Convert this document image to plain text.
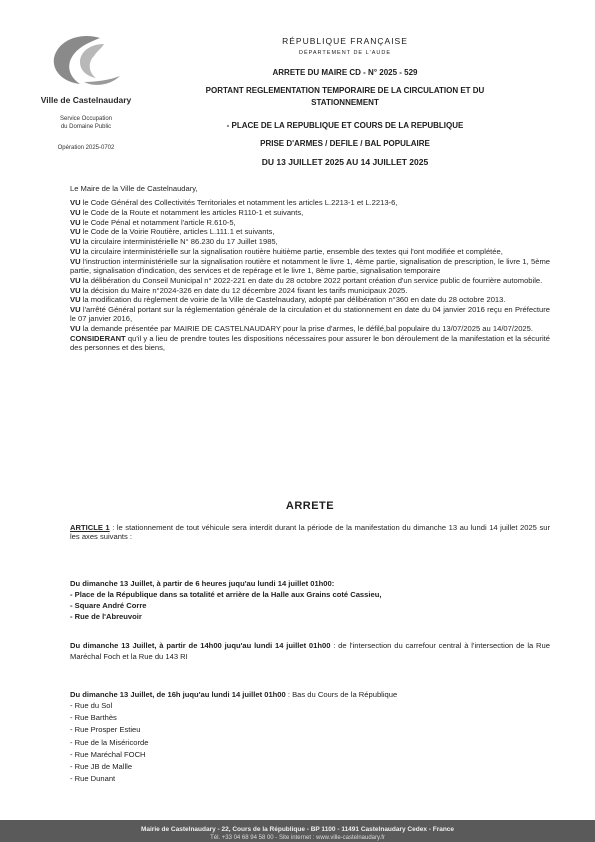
Ville de Castelnaudary
Service Occupation
du Domaine Public
Opération 2025-0702
RÉPUBLIQUE FRANÇAISE
DÉPARTEMENT DE L'AUDE
ARRETE DU MAIRE CD - N° 2025 - 529
PORTANT REGLEMENTATION TEMPORAIRE DE LA CIRCULATION ET DU STATIONNEMENT
- PLACE DE LA REPUBLIQUE ET COURS DE LA REPUBLIQUE
PRISE D'ARMES / DEFILE / BAL POPULAIRE
DU 13 JUILLET 2025 AU 14 JUILLET 2025
Le Maire de la Ville de Castelnaudary,
VU le Code Général des Collectivités Territoriales et notamment les articles L.2213-1 et L.2213-6,
VU le Code de la Route et notamment les articles R110-1 et suivants,
VU le Code Pénal et notamment l'article R.610-5,
VU le Code de la Voirie Routière, articles L.111.1 et suivants,
VU la circulaire interministérielle N° 86.230 du 17 Juillet 1985,
VU la circulaire interministérielle sur la signalisation routière huitième partie, ensemble des textes qui l'ont modifiée et complétée,
VU l'instruction interministérielle sur la signalisation routière et notamment le livre 1, 4ème partie, signalisation de prescription, le livre 1, 5ème partie, signalisation d'indication, des services et de repérage et le livre 1, 8ème partie, signalisation temporaire
VU la délibération du Conseil Municipal n° 2022-221 en date du 28 octobre 2022 portant création d'un service public de fourrière automobile.
VU la décision du Maire n°2024-326 en date du 12 décembre 2024 fixant les tarifs municipaux 2025.
VU la modification du règlement de voirie de la Ville de Castelnaudary, adopté par délibération n°360 en date du 28 octobre 2013.
VU l'arrêté Général portant sur la réglementation générale de la circulation et du stationnement en date du 04 janvier 2016 reçu en Préfecture le 07 janvier 2016,
VU la demande présentée par MAIRIE DE CASTELNAUDARY pour la prise d'armes, le défilé,bal populaire du 13/07/2025 au 14/07/2025.
CONSIDERANT qu'il y a lieu de prendre toutes les dispositions nécessaires pour assurer le bon déroulement de la manifestation et la sécurité des personnes et des biens,
ARRETE
ARTICLE 1 : le stationnement de tout véhicule sera interdit durant la période de la manifestation du dimanche 13 au lundi 14 juillet 2025 sur les axes suivants :
Du dimanche 13 Juillet, à partir de 6 heures juqu'au lundi 14 juillet 01h00:
- Place de la République dans sa totalité et arrière de la Halle aux Grains coté Cassieu,
- Square André Corre
- Rue de l'Abreuvoir
Du dimanche 13 Juillet, à partir de 14h00 juqu'au lundi 14 juillet 01h00 : de l'intersection du carrefour central à l'intersection de la Rue Maréchal Foch et la Rue du 143 RI
Du dimanche 13 Juillet, de 16h juqu'au lundi 14 juillet 01h00 : Bas du Cours de la République
- Rue du Sol
- Rue Barthès
- Rue Prosper Estieu
- Rue de la Miséricorde
- Rue Maréchal FOCH
- Rue JB de Mallle
- Rue Dunant
Mairie de Castelnaudary - 22, Cours de la République - BP 1100 - 11491 Castelnaudary Cedex - France
Tél. +33 04 68 94 58 00 - Site internet : www.ville-castelnaudary.fr
